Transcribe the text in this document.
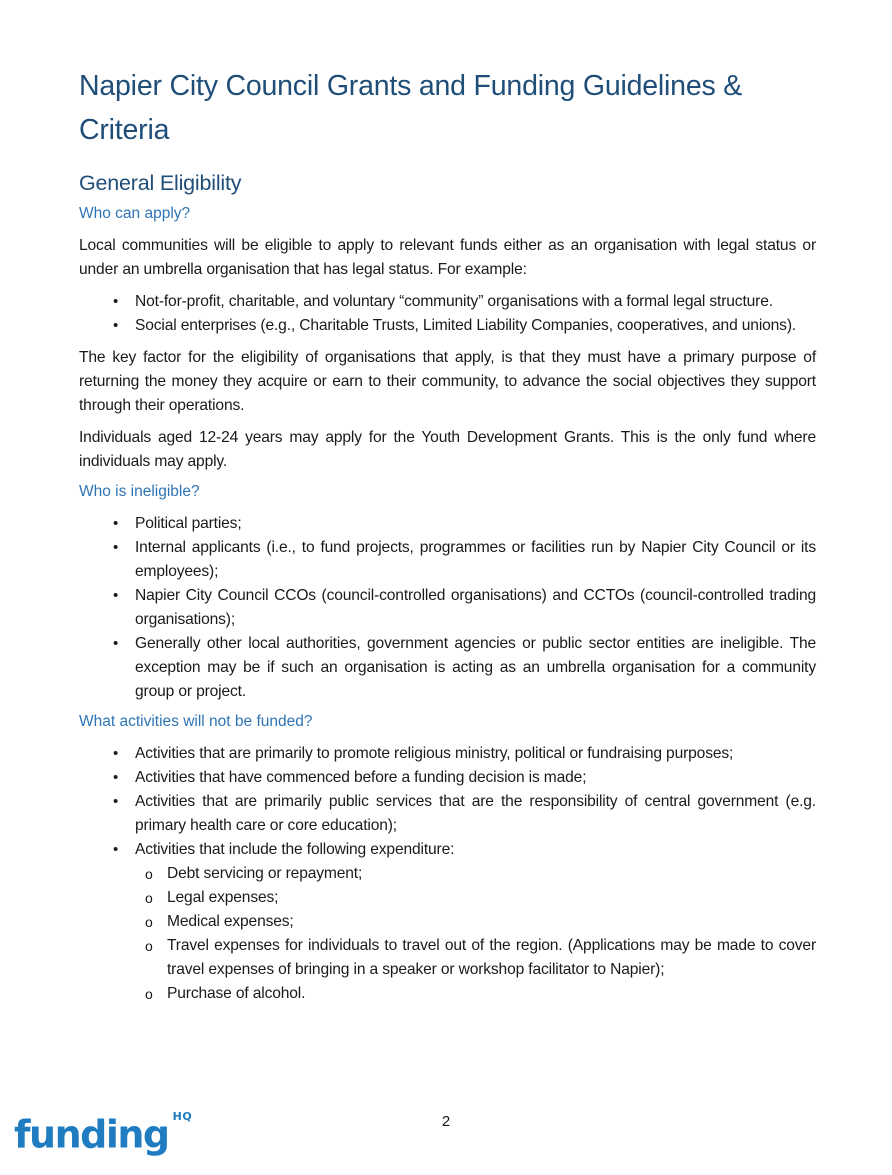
Napier City Council Grants and Funding Guidelines & Criteria
General Eligibility
Who can apply?

Local communities will be eligible to apply to relevant funds either as an organisation with legal status or under an umbrella organisation that has legal status. For example:

• Not-for-profit, charitable, and voluntary “community” organisations with a formal legal structure.
• Social enterprises (e.g., Charitable Trusts, Limited Liability Companies, cooperatives, and unions).

The key factor for the eligibility of organisations that apply, is that they must have a primary purpose of returning the money they acquire or earn to their community, to advance the social objectives they support through their operations.

Individuals aged 12-24 years may apply for the Youth Development Grants. This is the only fund where individuals may apply.

Who is ineligible?
• Political parties;
• Internal applicants (i.e., to fund projects, programmes or facilities run by Napier City Council or its employees);
• Napier City Council CCOs (council-controlled organisations) and CCTOs (council-controlled trading organisations);
• Generally other local authorities, government agencies or public sector entities are ineligible. The exception may be if such an organisation is acting as an umbrella organisation for a community group or project.
What activities will not be funded?
• Activities that are primarily to promote religious ministry, political or fundraising purposes;
• Activities that have commenced before a funding decision is made;
• Activities that are primarily public services that are the responsibility of central government (e.g. primary health care or core education);
• Activities that include the following expenditure:
o Debt servicing or repayment;
o Legal expenses;
o Medical expenses;
o Travel expenses for individuals to travel out of the region. (Applications may be made to cover travel expenses of bringing in a speaker or workshop facilitator to Napier);
o Purchase of alcohol.
funding $^{HQ}$	2
